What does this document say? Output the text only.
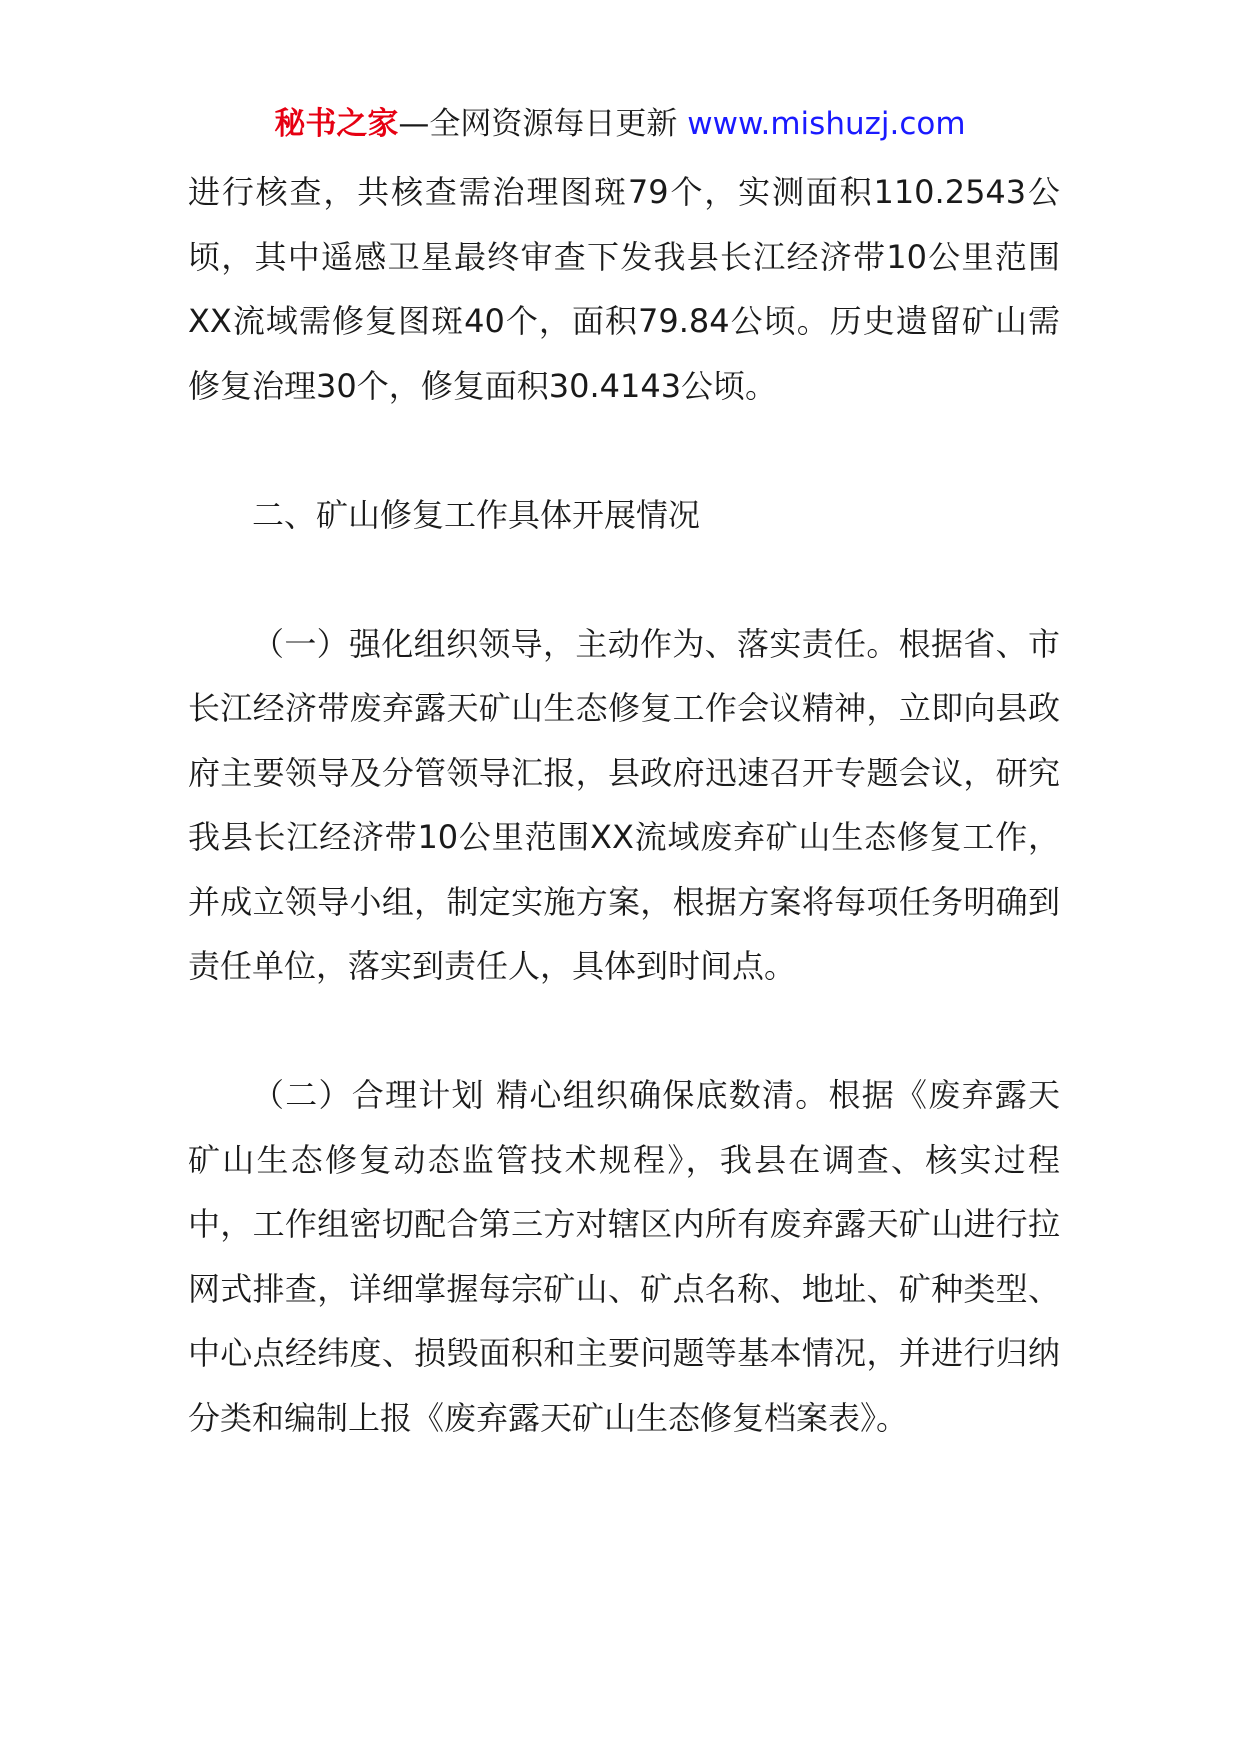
秘书之家—全网资源每日更新 www.mishuzj.com

进行核查，共核查需治理图斑79个，实测面积110.2543公顷，其中遥感卫星最终审查下发我县长江经济带10公里范围XX流域需修复图斑40个，面积79.84公顷。历史遗留矿山需修复治理30个，修复面积30.4143公顷。

二、矿山修复工作具体开展情况

（一）强化组织领导，主动作为、落实责任。根据省、市长江经济带废弃露天矿山生态修复工作会议精神，立即向县政府主要领导及分管领导汇报，县政府迅速召开专题会议，研究我县长江经济带10公里范围XX流域废弃矿山生态修复工作，并成立领导小组，制定实施方案，根据方案将每项任务明确到责任单位，落实到责任人，具体到时间点。

（二）合理计划 精心组织确保底数清。根据《废弃露天矿山生态修复动态监管技术规程》，我县在调查、核实过程中，工作组密切配合第三方对辖区内所有废弃露天矿山进行拉网式排查，详细掌握每宗矿山、矿点名称、地址、矿种类型、中心点经纬度、损毁面积和主要问题等基本情况，并进行归纳分类和编制上报《废弃露天矿山生态修复档案表》。
